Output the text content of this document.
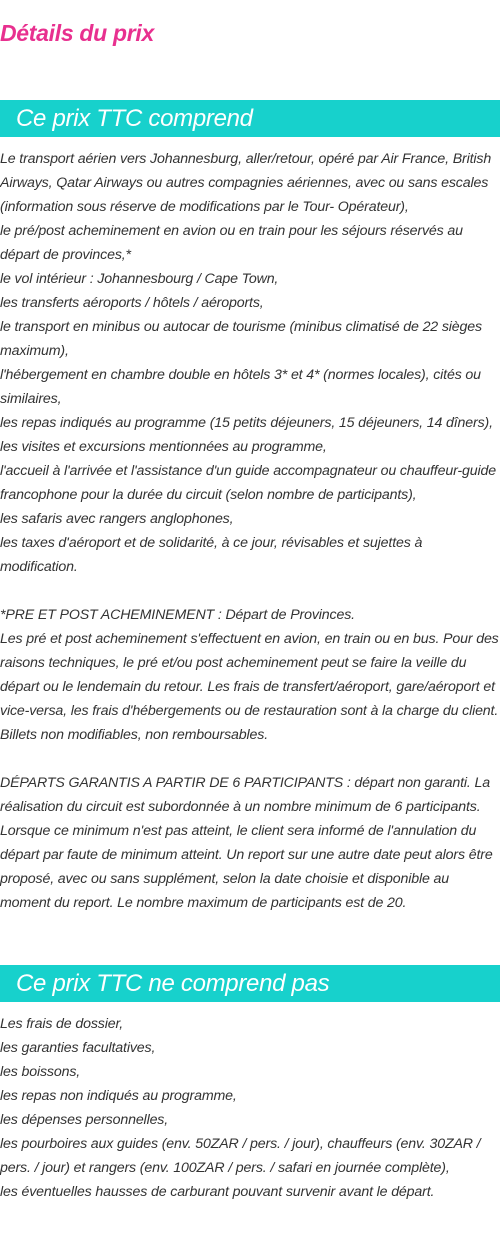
Détails du prix
Ce prix TTC comprend
Le transport aérien vers Johannesburg, aller/retour, opéré par Air France, British Airways, Qatar Airways ou autres compagnies aériennes, avec ou sans escales (information sous réserve de modifications par le Tour- Opérateur),
le pré/post acheminement en avion ou en train pour les séjours réservés au départ de provinces,*
le vol intérieur : Johannesbourg / Cape Town,
les transferts aéroports / hôtels / aéroports,
le transport en minibus ou autocar de tourisme (minibus climatisé de 22 sièges maximum),
l'hébergement en chambre double en hôtels 3* et 4* (normes locales), cités ou similaires,
les repas indiqués au programme (15 petits déjeuners, 15 déjeuners, 14 dîners),
les visites et excursions mentionnées au programme,
l'accueil à l'arrivée et l'assistance d'un guide accompagnateur ou chauffeur-guide francophone pour la durée du circuit (selon nombre de participants),
les safaris avec rangers anglophones,
les taxes d'aéroport et de solidarité, à ce jour, révisables et sujettes à modification.
*PRE ET POST ACHEMINEMENT : Départ de Provinces.
Les pré et post acheminement s'effectuent en avion, en train ou en bus. Pour des raisons techniques, le pré et/ou post acheminement peut se faire la veille du départ ou le lendemain du retour. Les frais de transfert/aéroport, gare/aéroport et vice-versa, les frais d'hébergements ou de restauration sont à la charge du client. Billets non modifiables, non remboursables.
DÉPARTS GARANTIS A PARTIR DE 6 PARTICIPANTS : départ non garanti. La réalisation du circuit est subordonnée à un nombre minimum de 6 participants. Lorsque ce minimum n'est pas atteint, le client sera informé de l'annulation du départ par faute de minimum atteint. Un report sur une autre date peut alors être proposé, avec ou sans supplément, selon la date choisie et disponible au moment du report. Le nombre maximum de participants est de 20.
Ce prix TTC ne comprend pas
Les frais de dossier,
les garanties facultatives,
les boissons,
les repas non indiqués au programme,
les dépenses personnelles,
les pourboires aux guides (env. 50ZAR / pers. / jour), chauffeurs (env. 30ZAR / pers. / jour) et rangers (env. 100ZAR / pers. / safari en journée complète),
les éventuelles hausses de carburant pouvant survenir avant le départ.
